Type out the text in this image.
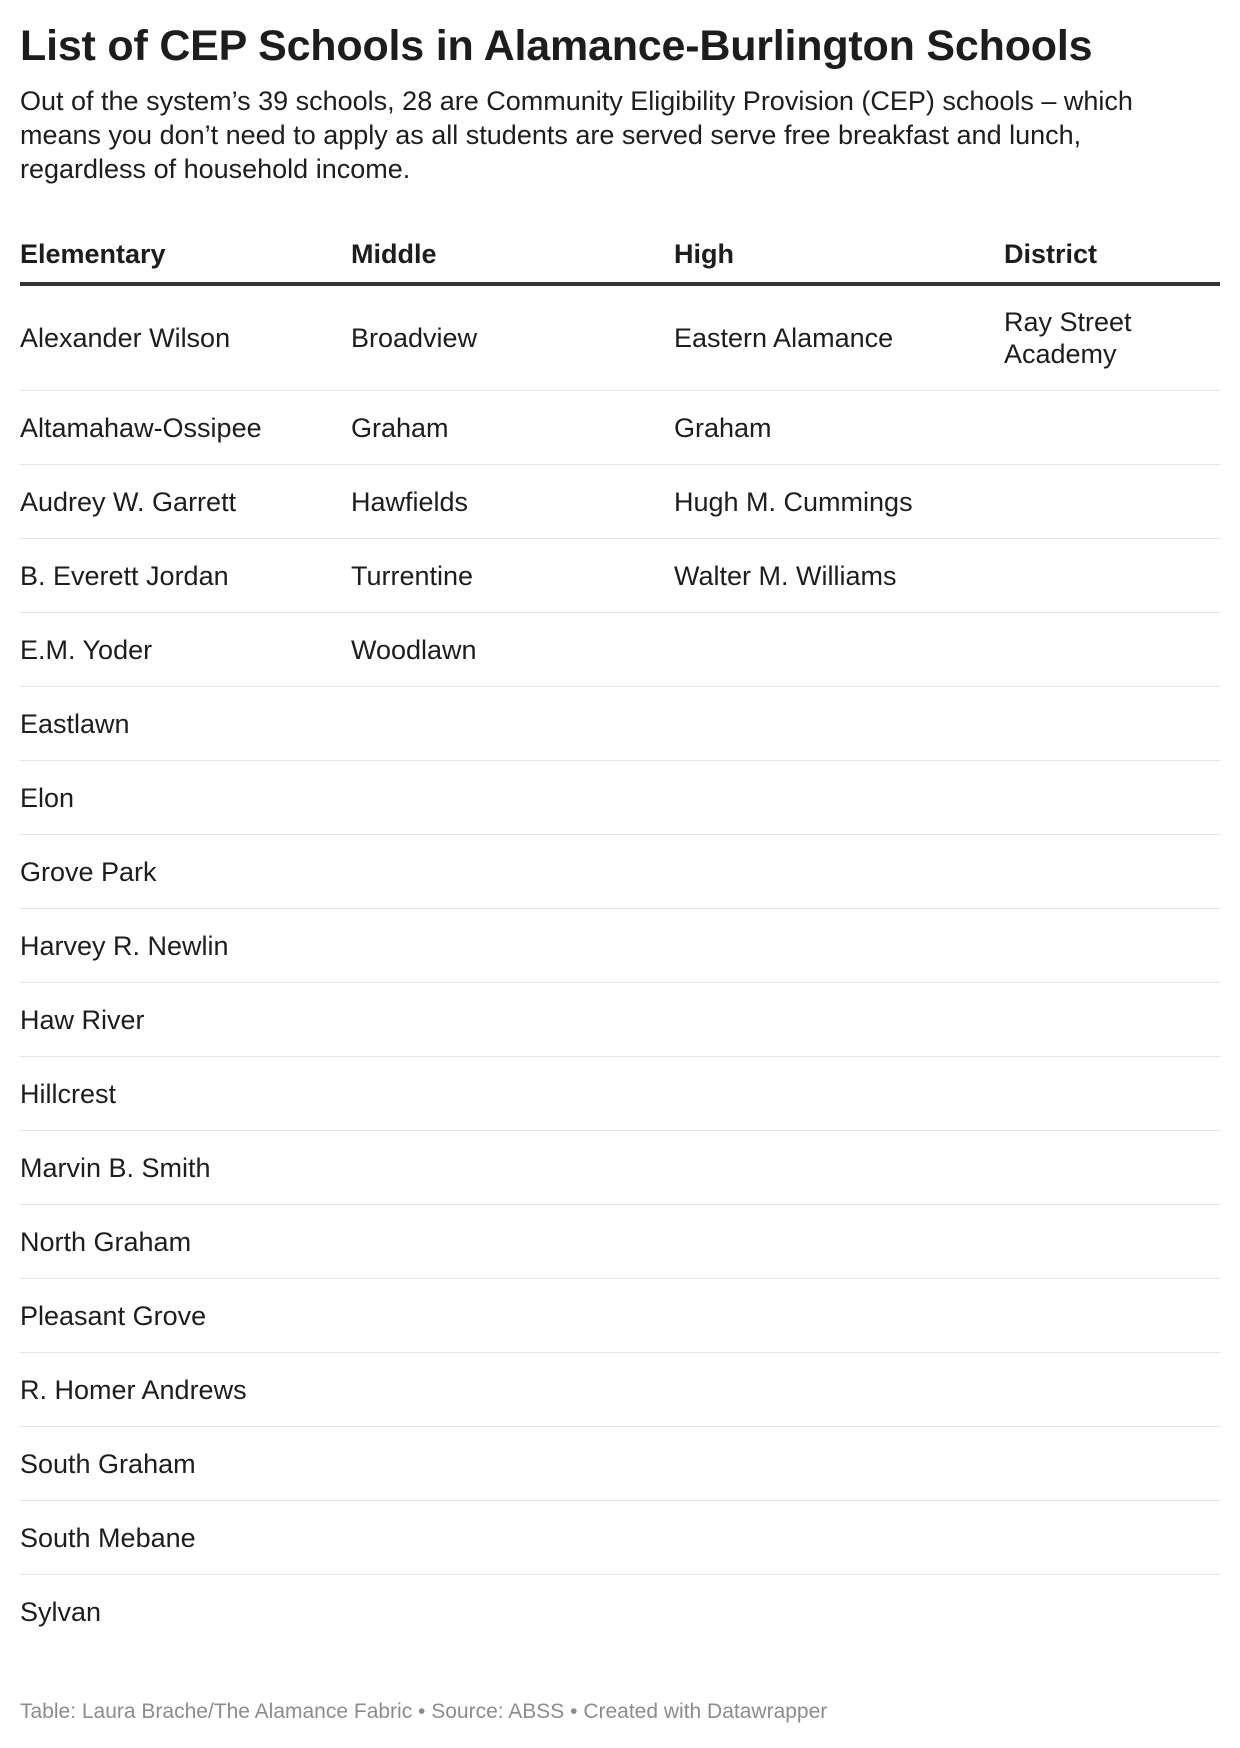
List of CEP Schools in Alamance-Burlington Schools

Out of the system’s 39 schools, 28 are Community Eligibility Provision (CEP) schools – which means you don’t need to apply as all students are served serve free breakfast and lunch, regardless of household income.

Elementary	Middle	High	District
Alexander Wilson	Broadview	Eastern Alamance	Ray Street Academy
Altamahaw-Ossipee	Graham	Graham	
Audrey W. Garrett	Hawfields	Hugh M. Cummings	
B. Everett Jordan	Turrentine	Walter M. Williams	
E.M. Yoder	Woodlawn		
Eastlawn			
Elon			
Grove Park			
Harvey R. Newlin			
Haw River			
Hillcrest			
Marvin B. Smith			
North Graham			
Pleasant Grove			
R. Homer Andrews			
South Graham			
South Mebane			
Sylvan			
Table: Laura Brache/The Alamance Fabric • Source: ABSS • Created with Datawrapper
